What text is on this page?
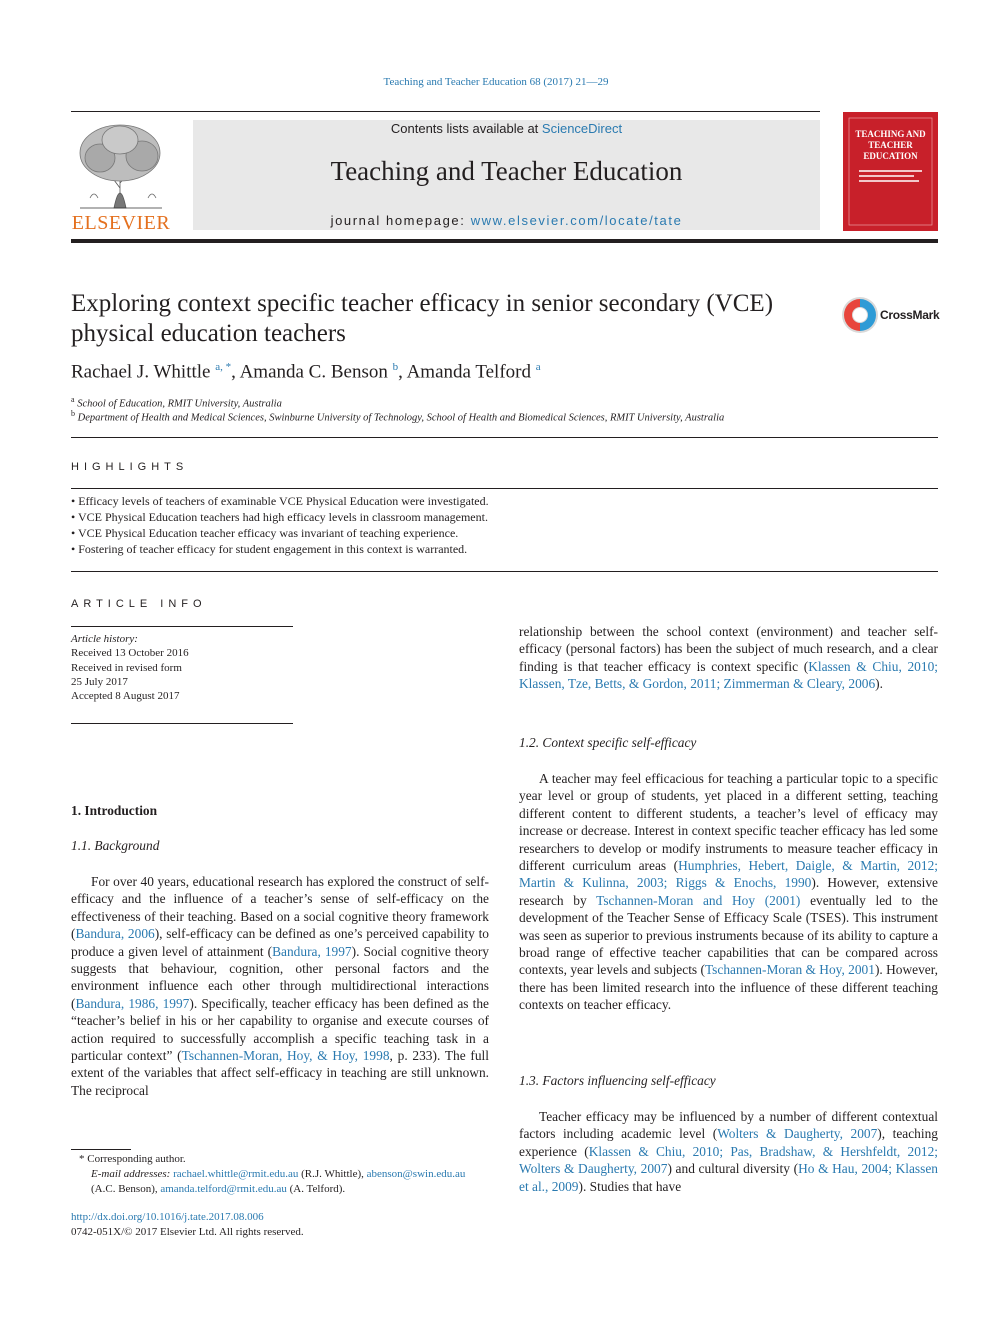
Teaching and Teacher Education 68 (2017) 21—29
ELSEVIER
Contents lists available at ScienceDirect
Teaching and Teacher Education
journal homepage: www.elsevier.com/locate/tate
TEACHING AND TEACHER EDUCATION
Exploring context specific teacher efficacy in senior secondary (VCE) physical education teachers
CrossMark
Rachael J. Whittle $^{a, *}$, Amanda C. Benson $^b$, Amanda Telford $^a$
$^a$ School of Education, RMIT University, Australia
$^b$ Department of Health and Medical Sciences, Swinburne University of Technology, School of Health and Biomedical Sciences, RMIT University, Australia
HIGHLIGHTS
• Efficacy levels of teachers of examinable VCE Physical Education were investigated.
• VCE Physical Education teachers had high efficacy levels in classroom management.
• VCE Physical Education teacher efficacy was invariant of teaching experience.
• Fostering of teacher efficacy for student engagement in this context is warranted.
ARTICLE INFO
Article history:
Received 13 October 2016
Received in revised form
25 July 2017
Accepted 8 August 2017
1. Introduction
1.1. Background
1.2. Context specific self-efficacy
1.3. Factors influencing self-efficacy

For over 40 years, educational research has explored the construct of self-efficacy and the influence of a teacher’s sense of self-efficacy on the effectiveness of their teaching. Based on a social cognitive theory framework (Bandura, 2006), self-efficacy can be defined as one’s perceived capability to produce a given level of attainment (Bandura, 1997). Social cognitive theory suggests that behaviour, cognition, other personal factors and the environment influence each other through multidirectional interactions (Bandura, 1986, 1997). Specifically, teacher efficacy has been defined as the “teacher’s belief in his or her capability to organise and execute courses of action required to successfully accomplish a specific teaching task in a particular context” (Tschannen-Moran, Hoy, & Hoy, 1998, p. 233). The full extent of the variables that affect self-efficacy in teaching are still unknown. The reciprocal

relationship between the school context (environment) and teacher self-efficacy (personal factors) has been the subject of much research, and a clear finding is that teacher efficacy is context specific (Klassen & Chiu, 2010; Klassen, Tze, Betts, & Gordon, 2011; Zimmerman & Cleary, 2006).

A teacher may feel efficacious for teaching a particular topic to a specific year level or group of students, yet placed in a different setting, teaching different content to different students, a teacher’s level of efficacy may increase or decrease. Interest in context specific teacher efficacy has led some researchers to develop or modify instruments to measure teacher efficacy in different curriculum areas (Humphries, Hebert, Daigle, & Martin, 2012; Martin & Kulinna, 2003; Riggs & Enochs, 1990). However, extensive research by Tschannen-Moran and Hoy (2001) eventually led to the development of the Teacher Sense of Efficacy Scale (TSES). This instrument was seen as superior to previous instruments because of its ability to capture a broad range of effective teacher capabilities that can be compared across contexts, year levels and subjects (Tschannen-Moran & Hoy, 2001). However, there has been limited research into the influence of these different teaching contexts on teacher efficacy.

Teacher efficacy may be influenced by a number of different contextual factors including academic level (Wolters & Daugherty, 2007), teaching experience (Klassen & Chiu, 2010; Pas, Bradshaw, & Hershfeldt, 2012; Wolters & Daugherty, 2007) and cultural diversity (Ho & Hau, 2004; Klassen et al., 2009). Studies that have

* Corresponding author.
E-mail addresses: rachael.whittle@rmit.edu.au (R.J. Whittle), abenson@swin.edu.au (A.C. Benson), amanda.telford@rmit.edu.au (A. Telford).
http://dx.doi.org/10.1016/j.tate.2017.08.006
0742-051X/© 2017 Elsevier Ltd. All rights reserved.
